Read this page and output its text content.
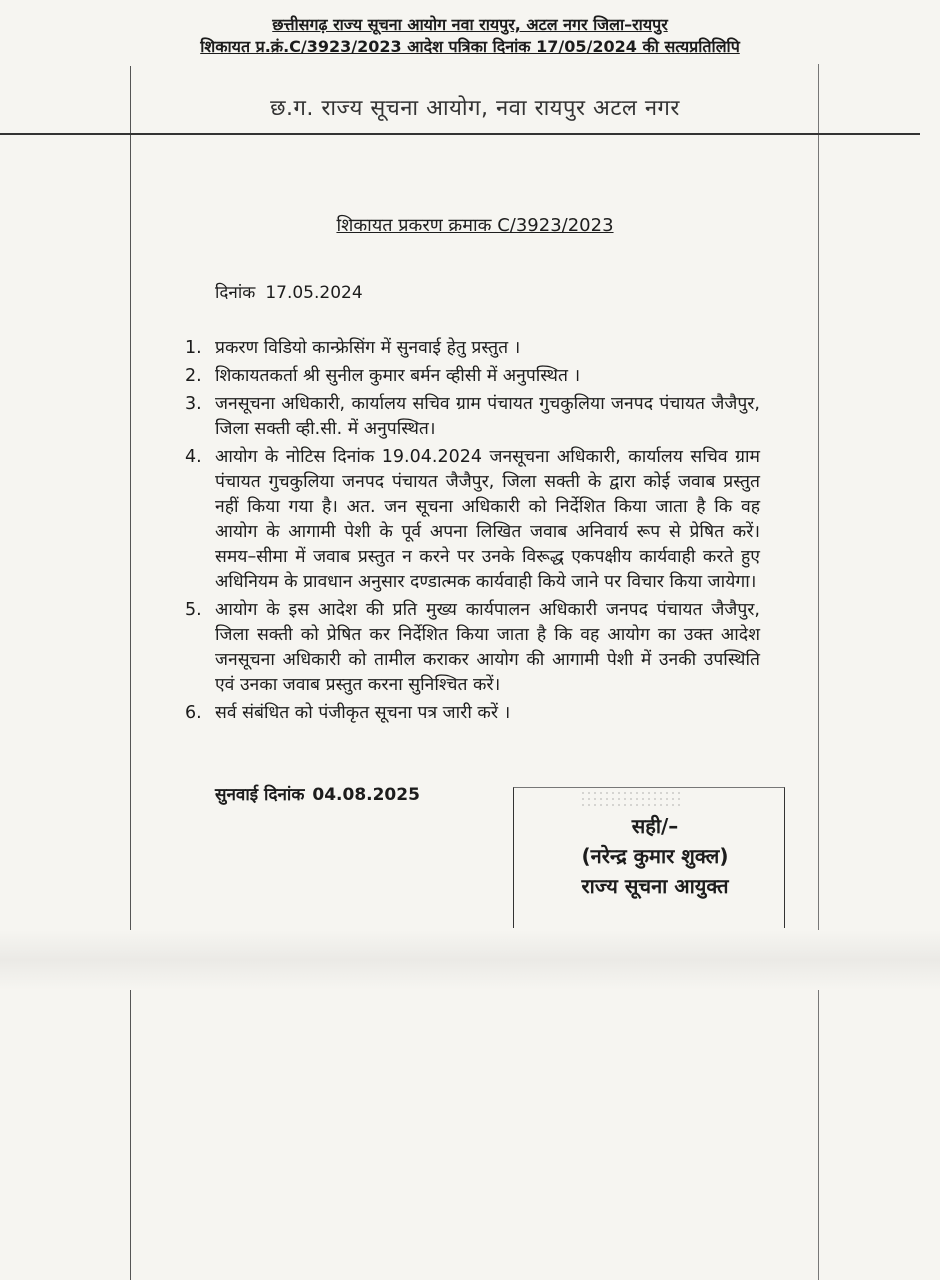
छत्तीसगढ़ राज्य सूचना आयोग नवा रायपुर, अटल नगर जिला–रायपुर
शिकायत प्र.क्रं.C/3923/2023 आदेश पत्रिका दिनांक 17/05/2024 की सत्यप्रतिलिपि
छ.ग. राज्य सूचना आयोग, नवा रायपुर अटल नगर
शिकायत प्रकरण क्रमाक C/3923/2023
दिनांक 17.05.2024
1. प्रकरण विडियो कान्फ्रेसिंग में सुनवाई हेतु प्रस्तुत ।
2. शिकायतकर्ता श्री सुनील कुमार बर्मन व्हीसी में अनुपस्थित ।
3. जनसूचना अधिकारी, कार्यालय सचिव ग्राम पंचायत गुचकुलिया जनपद पंचायत जैजैपुर, जिला सक्ती व्ही.सी. में अनुपस्थित।
4. आयोग के नोटिस दिनांक 19.04.2024 जनसूचना अधिकारी, कार्यालय सचिव ग्राम पंचायत गुचकुलिया जनपद पंचायत जैजैपुर, जिला सक्ती के द्वारा कोई जवाब प्रस्तुत नहीं किया गया है। अत. जन सूचना अधिकारी को निर्देशित किया जाता है कि वह आयोग के आगामी पेशी के पूर्व अपना लिखित जवाब अनिवार्य रूप से प्रेषित करें। समय–सीमा में जवाब प्रस्तुत न करने पर उनके विरूद्ध एकपक्षीय कार्यवाही करते हुए अधिनियम के प्रावधान अनुसार दण्डात्मक कार्यवाही किये जाने पर विचार किया जायेगा।
5. आयोग के इस आदेश की प्रति मुख्य कार्यपालन अधिकारी जनपद पंचायत जैजैपुर, जिला सक्ती को प्रेषित कर निर्देशित किया जाता है कि वह आयोग का उक्त आदेश जनसूचना अधिकारी को तामील कराकर आयोग की आगामी पेशी में उनकी उपस्थिति एवं उनका जवाब प्रस्तुत करना सुनिश्चित करें।
6. सर्व संबंधित को पंजीकृत सूचना पत्र जारी करें ।
सुनवाई दिनांक 04.08.2025
सही/–
(नरेन्द्र कुमार शुक्ल)
राज्य सूचना आयुक्त
